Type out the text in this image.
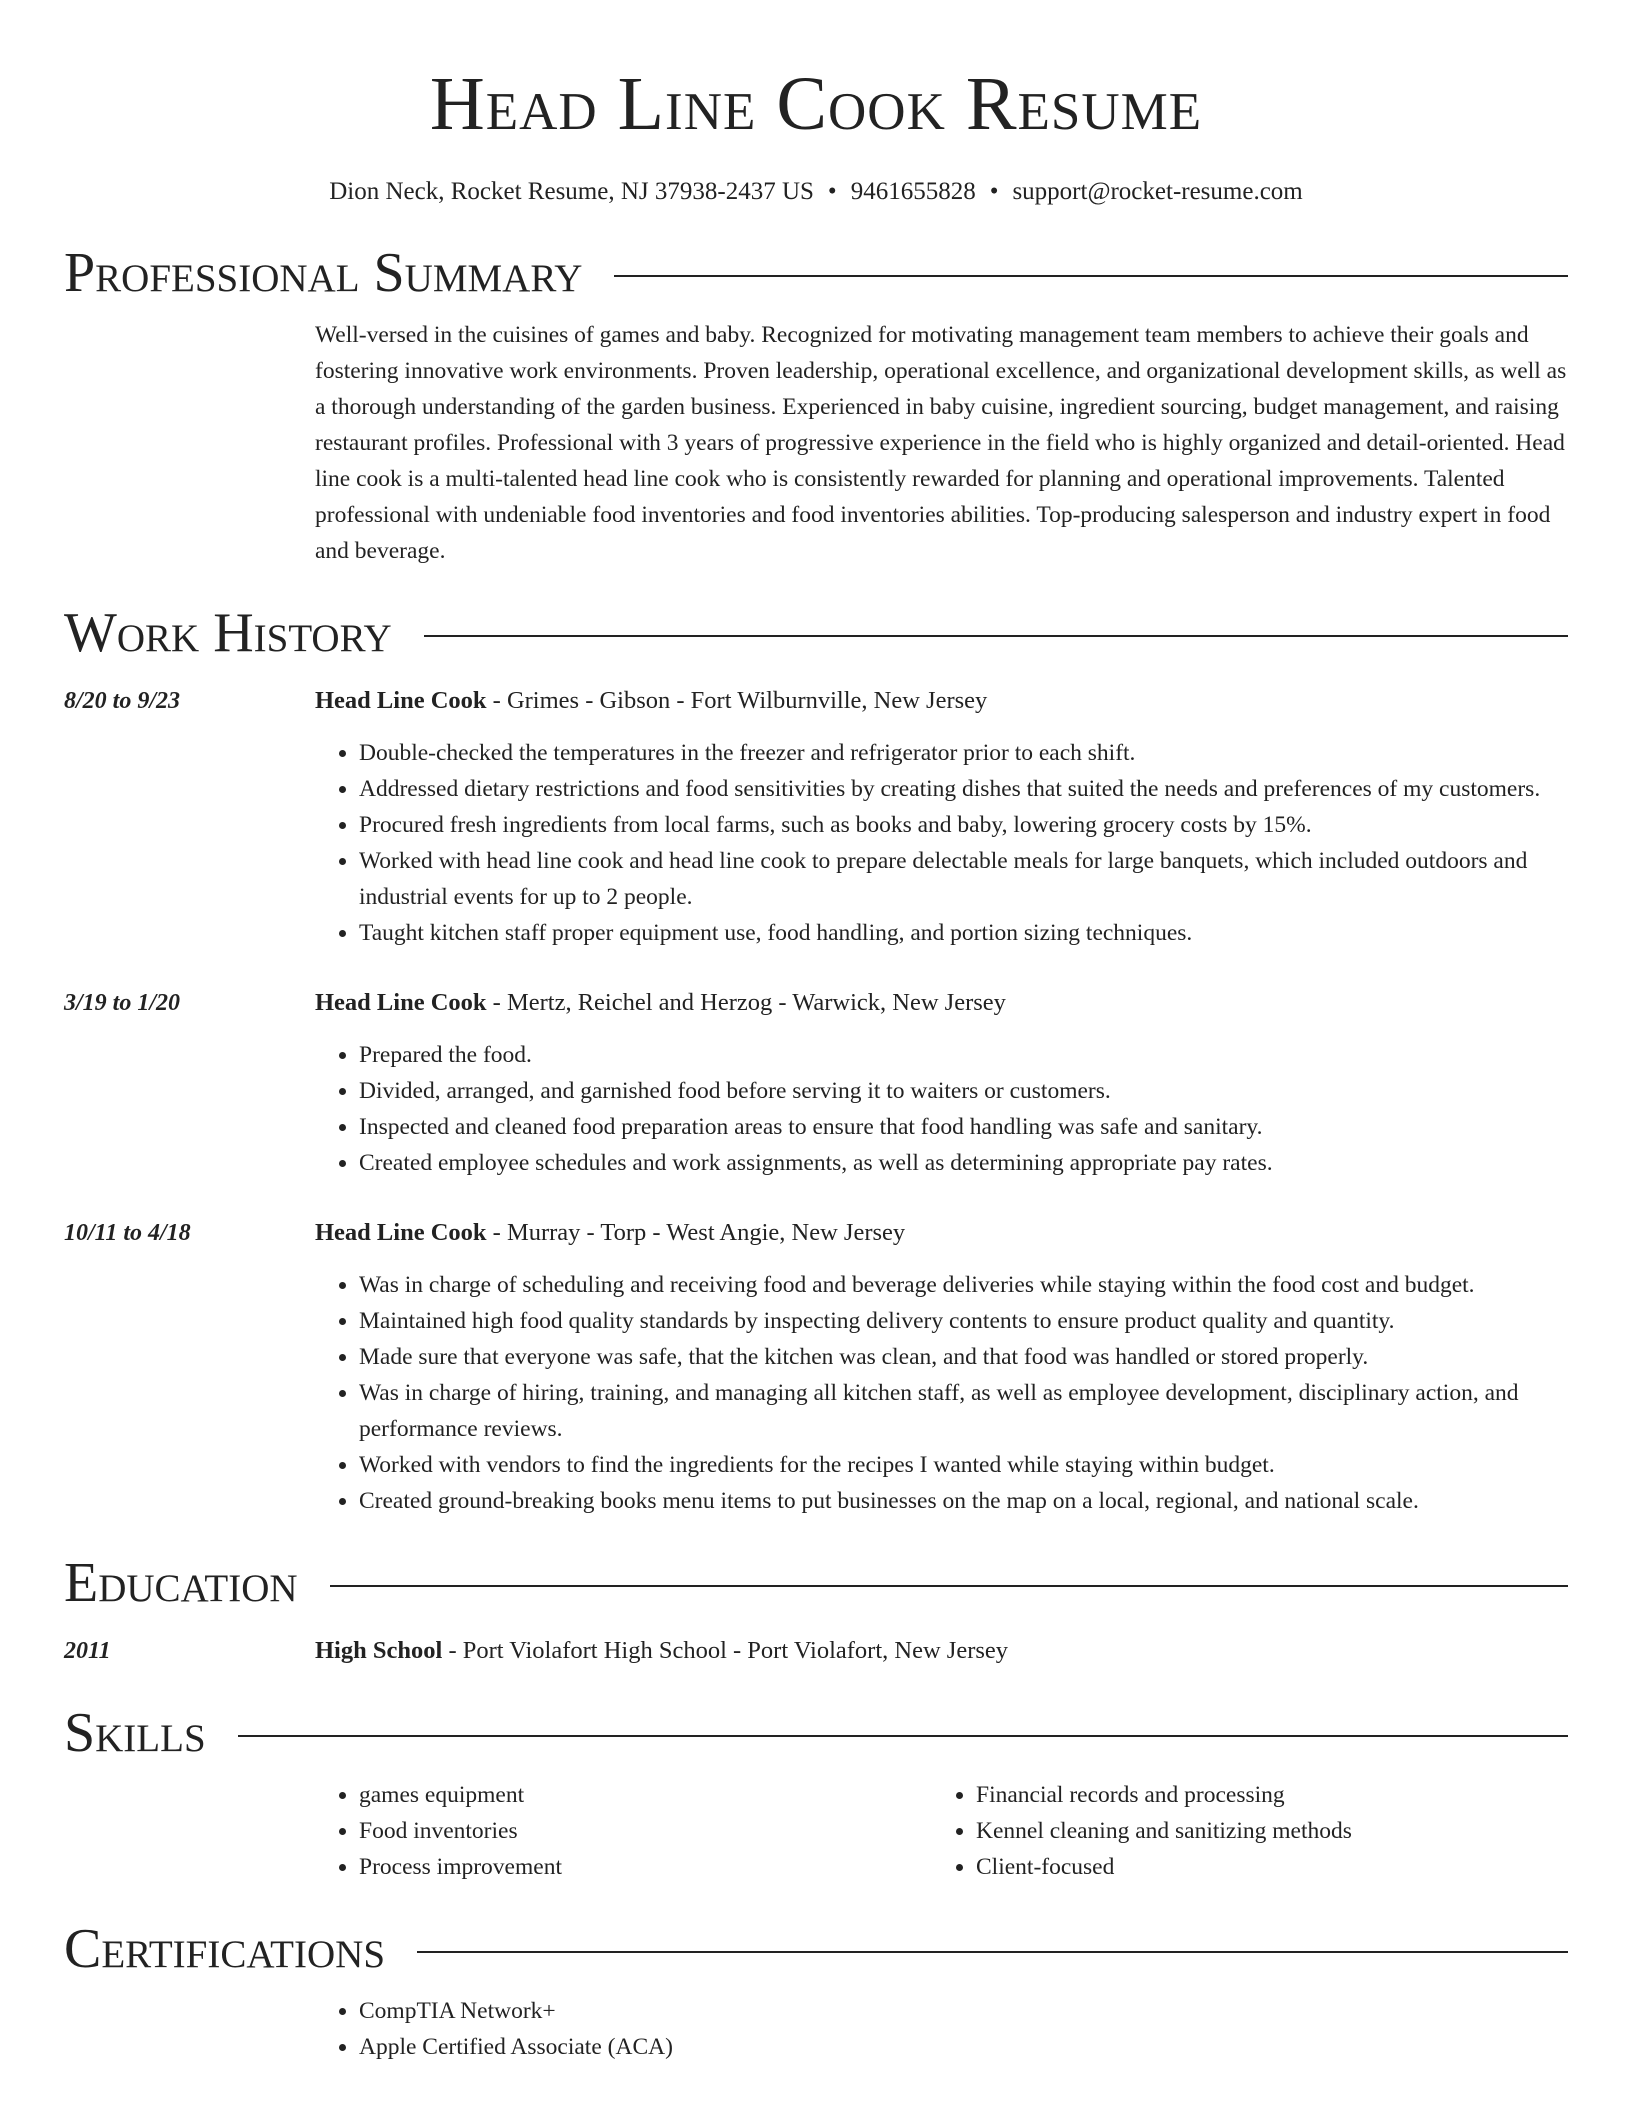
Head Line Cook Resume
Dion Neck, Rocket Resume, NJ 37938-2437 US • 9461655828 • support@rocket-resume.com
Professional Summary
Well-versed in the cuisines of games and baby. Recognized for motivating management team members to achieve their goals and fostering innovative work environments. Proven leadership, operational excellence, and organizational development skills, as well as a thorough understanding of the garden business. Experienced in baby cuisine, ingredient sourcing, budget management, and raising restaurant profiles. Professional with 3 years of progressive experience in the field who is highly organized and detail-oriented. Head line cook is a multi-talented head line cook who is consistently rewarded for planning and operational improvements. Talented professional with undeniable food inventories and food inventories abilities. Top-producing salesperson and industry expert in food and beverage.
Work History
8/20 to 9/23	Head Line Cook - Grimes - Gibson - Fort Wilburnville, New Jersey
• Double-checked the temperatures in the freezer and refrigerator prior to each shift.
• Addressed dietary restrictions and food sensitivities by creating dishes that suited the needs and preferences of my customers.
• Procured fresh ingredients from local farms, such as books and baby, lowering grocery costs by 15%.
• Worked with head line cook and head line cook to prepare delectable meals for large banquets, which included outdoors and industrial events for up to 2 people.
• Taught kitchen staff proper equipment use, food handling, and portion sizing techniques.
3/19 to 1/20	Head Line Cook - Mertz, Reichel and Herzog - Warwick, New Jersey
• Prepared the food.
• Divided, arranged, and garnished food before serving it to waiters or customers.
• Inspected and cleaned food preparation areas to ensure that food handling was safe and sanitary.
• Created employee schedules and work assignments, as well as determining appropriate pay rates.
10/11 to 4/18	Head Line Cook - Murray - Torp - West Angie, New Jersey
• Was in charge of scheduling and receiving food and beverage deliveries while staying within the food cost and budget.
• Maintained high food quality standards by inspecting delivery contents to ensure product quality and quantity.
• Made sure that everyone was safe, that the kitchen was clean, and that food was handled or stored properly.
• Was in charge of hiring, training, and managing all kitchen staff, as well as employee development, disciplinary action, and performance reviews.
• Worked with vendors to find the ingredients for the recipes I wanted while staying within budget.
• Created ground-breaking books menu items to put businesses on the map on a local, regional, and national scale.
Education
2011	High School - Port Violafort High School - Port Violafort, New Jersey
Skills
• games equipment
• Food inventories
• Process improvement
• Financial records and processing
• Kennel cleaning and sanitizing methods
• Client-focused
Certifications
• CompTIA Network+
• Apple Certified Associate (ACA)
